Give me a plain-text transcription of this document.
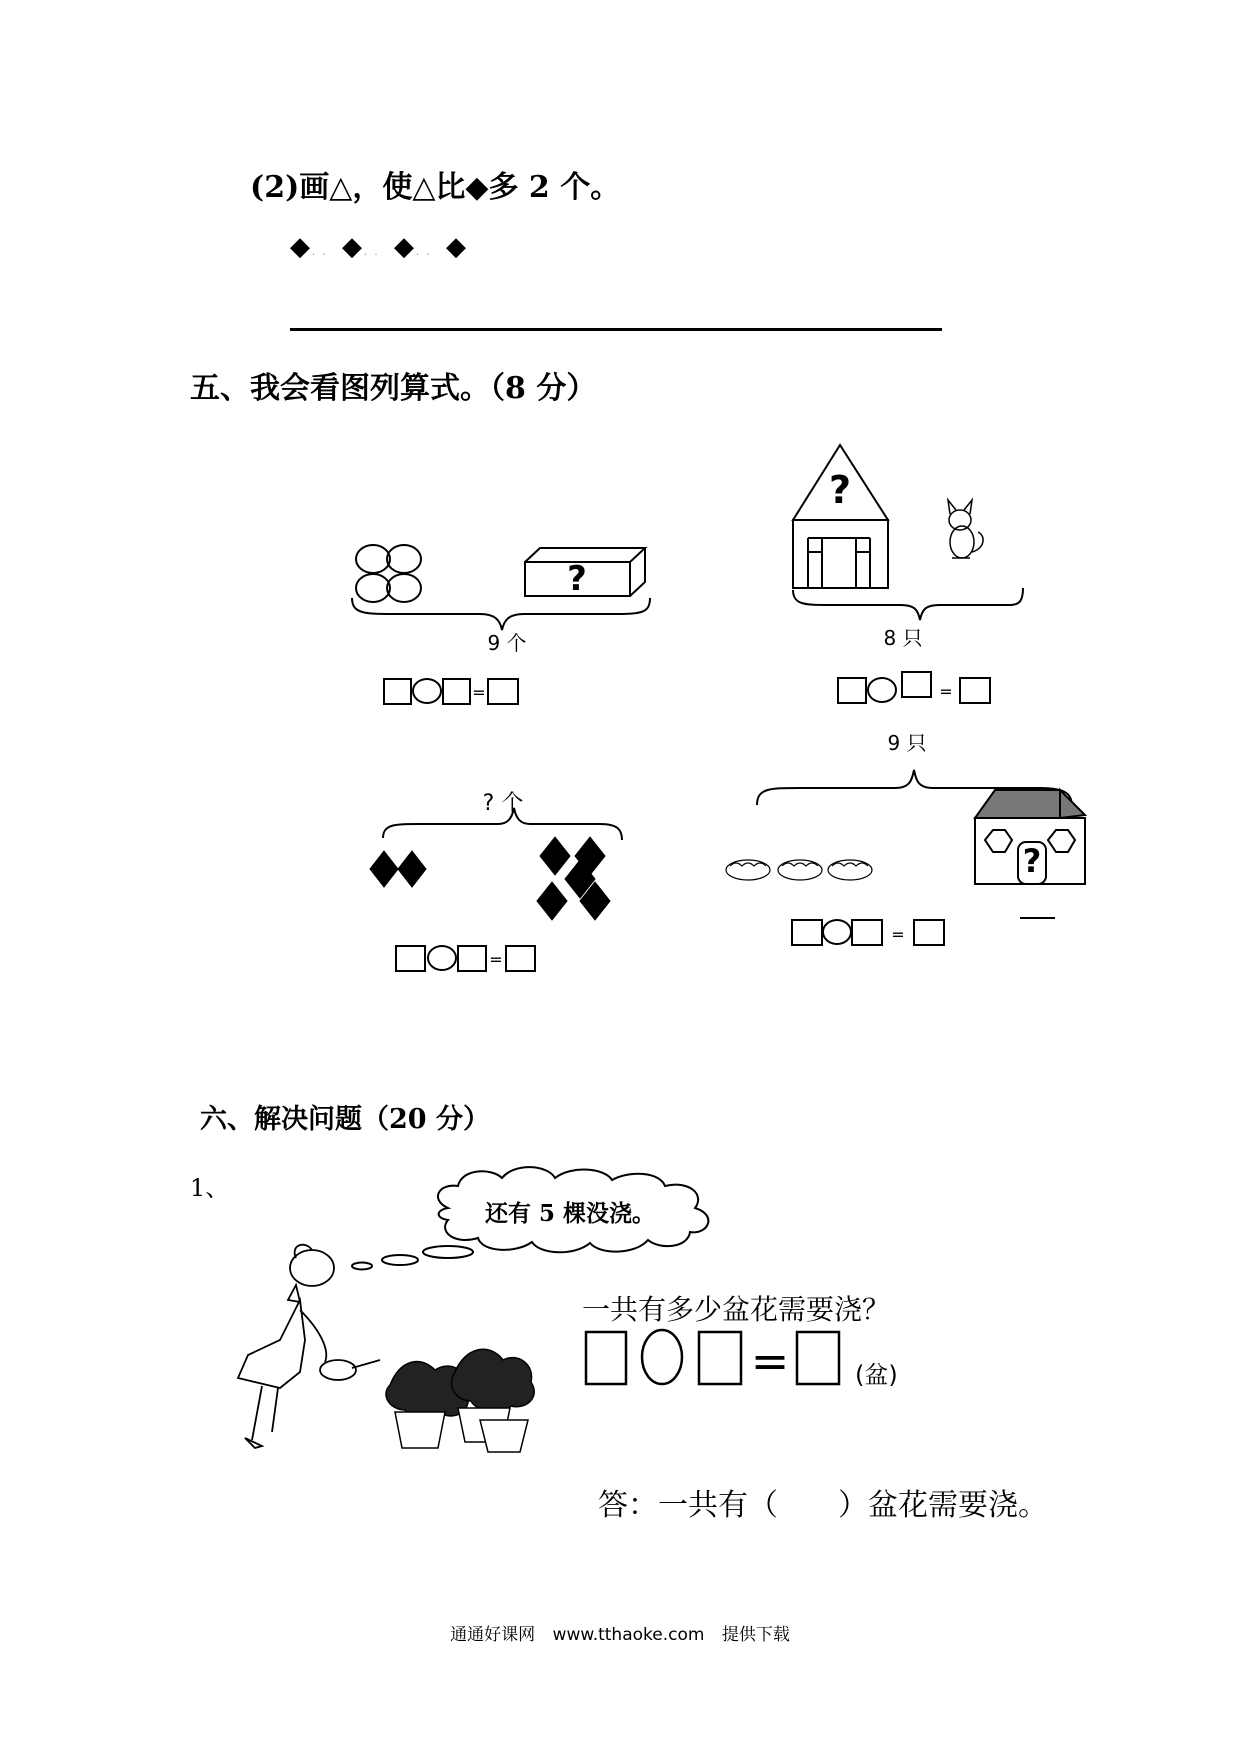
(2)画△，使△比◆多 2 个。
◆. . ◆. . ◆. . ◆
五、我会看图列算式。（8 分）
?
?
?
9 个	8 只
? 个
9 只
=	=
=
=
=
还有 5 棵没浇。
六、解决问题（20 分）
1、
一共有多少盆花需要浇？
(盆)
答：一共有（　　）盆花需要浇。
通通好课网 www.tthaoke.com 提供下载
